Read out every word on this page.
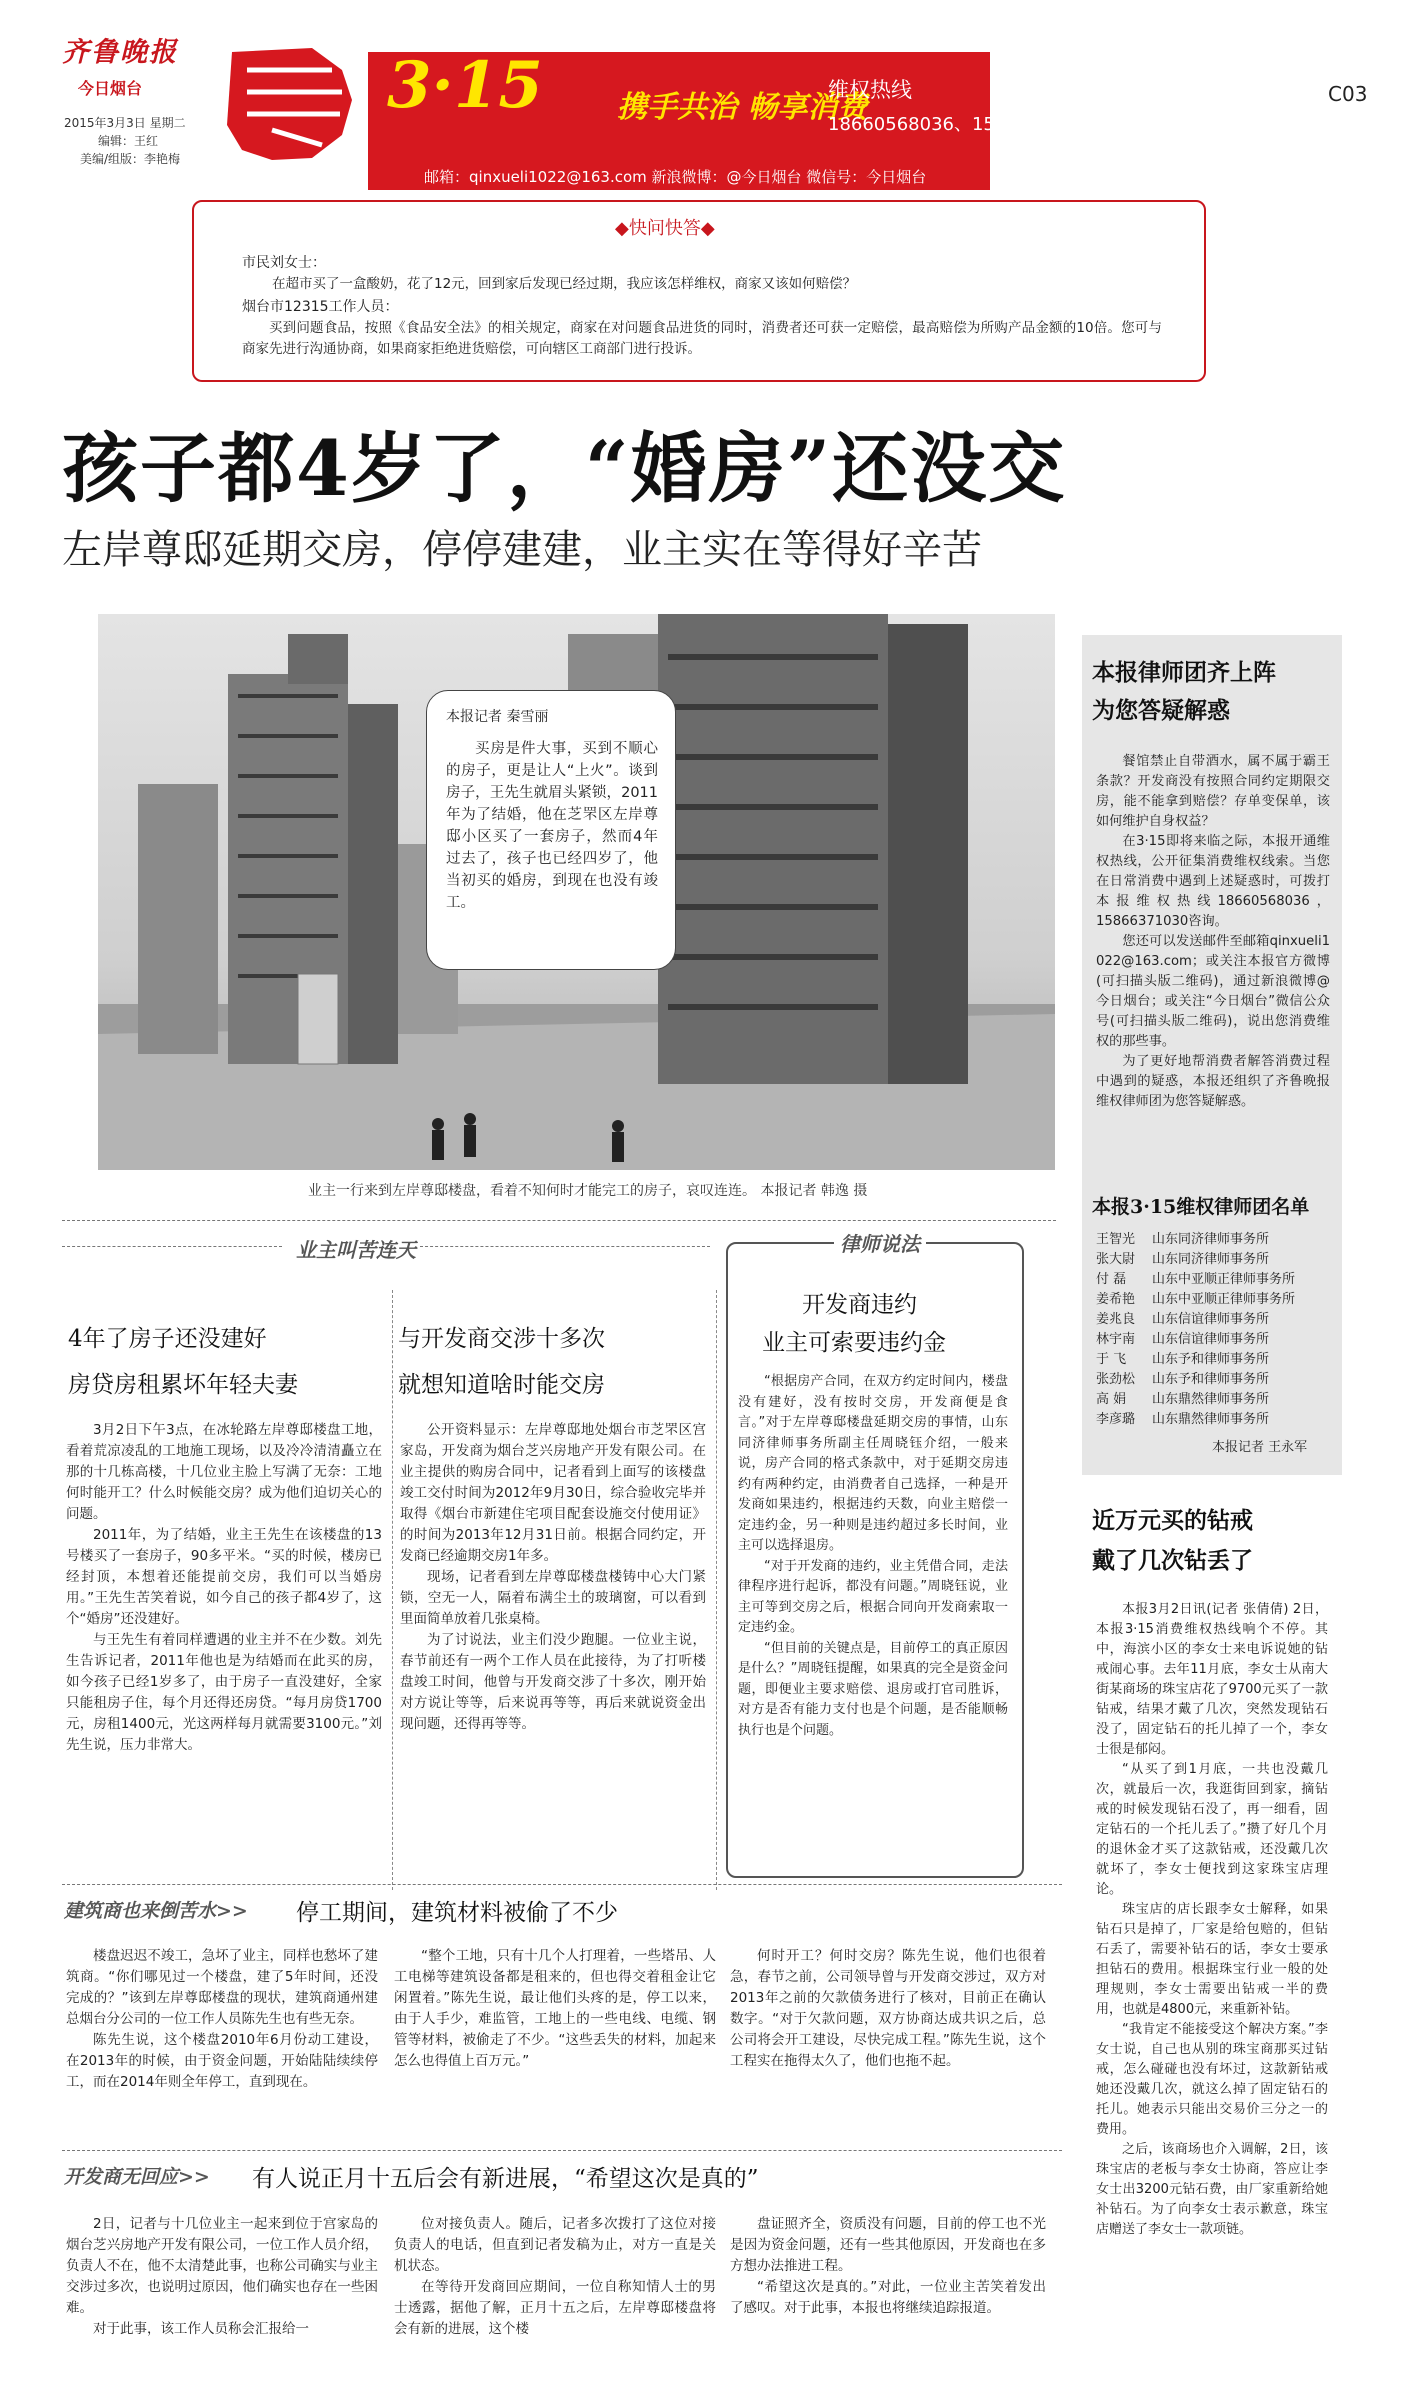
齐鲁晚报
今日烟台
2015年3月3日 星期二
编辑：王红
美编/组版：李艳梅
C03
3·15 携手共治 畅享消费
维权热线
18660568036、15866371030
邮箱：qinxueli1022@163.com 新浪微博：@今日烟台 微信号：今日烟台
◆快问快答◆
市民刘女士：
在超市买了一盒酸奶，花了12元，回到家后发现已经过期，我应该怎样维权，商家又该如何赔偿？
烟台市12315工作人员：
买到问题食品，按照《食品安全法》的相关规定，商家在对问题食品进货的同时，消费者还可获一定赔偿，最高赔偿为所购产品金额的10倍。您可与商家先进行沟通协商，如果商家拒绝进货赔偿，可向辖区工商部门进行投诉。
孩子都4岁了，“婚房”还没交
左岸尊邸延期交房，停停建建，业主实在等得好辛苦
本报记者 秦雪丽
买房是件大事，买到不顺心的房子，更是让人“上火”。谈到房子，王先生就眉头紧锁，2011年为了结婚，他在芝罘区左岸尊邸小区买了一套房子，然而4年过去了，孩子也已经四岁了，他当初买的婚房，到现在也没有竣工。
业主一行来到左岸尊邸楼盘，看着不知何时才能完工的房子，哀叹连连。 本报记者 韩逸 摄
本报律师团齐上阵
为您答疑解惑

餐馆禁止自带酒水，属不属于霸王条款？开发商没有按照合同约定期限交房，能不能拿到赔偿？存单变保单，该如何维护自身权益？

在3·15即将来临之际，本报开通维权热线，公开征集消费维权线索。当您在日常消费中遇到上述疑惑时，可拨打本报维权热线18660568036，15866371030咨询。

您还可以发送邮件至邮箱qinxueli1022@163.com；或关注本报官方微博(可扫描头版二维码)，通过新浪微博@今日烟台；或关注“今日烟台”微信公众号(可扫描头版二维码)，说出您消费维权的那些事。

为了更好地帮消费者解答消费过程中遇到的疑惑，本报还组织了齐鲁晚报维权律师团为您答疑解惑。

本报3·15维权律师团名单
王智光 山东同济律师事务所
张大尉 山东同济律师事务所
付 磊 山东中亚顺正律师事务所
姜希艳 山东中亚顺正律师事务所
姜兆良 山东信谊律师事务所
林宇南 山东信谊律师事务所
于 飞 山东予和律师事务所
张劲松 山东予和律师事务所
高 娟 山东鼎然律师事务所
李彦璐 山东鼎然律师事务所
本报记者 王永军
近万元买的钻戒
戴了几次钻丢了

本报3月2日讯(记者 张倩倩) 2日，本报3·15消费维权热线响个不停。其中，海滨小区的李女士来电诉说她的钻戒闹心事。去年11月底，李女士从南大街某商场的珠宝店花了9700元买了一款钻戒，结果才戴了几次，突然发现钻石没了，固定钻石的托儿掉了一个，李女士很是郁闷。

“从买了到1月底，一共也没戴几次，就最后一次，我逛街回到家，摘钻戒的时候发现钻石没了，再一细看，固定钻石的一个托儿丢了。”攒了好几个月的退休金才买了这款钻戒，还没戴几次就坏了，李女士便找到这家珠宝店理论。

珠宝店的店长跟李女士解释，如果钻石只是掉了，厂家是给包赔的，但钻石丢了，需要补钻石的话，李女士要承担钻石的费用。根据珠宝行业一般的处理规则，李女士需要出钻戒一半的费用，也就是4800元，来重新补钻。

“我肯定不能接受这个解决方案。”李女士说，自己也从别的珠宝商那买过钻戒，怎么碰碰也没有坏过，这款新钻戒她还没戴几次，就这么掉了固定钻石的托儿。她表示只能出交易价三分之一的费用。

之后，该商场也介入调解，2日，该珠宝店的老板与李女士协商，答应让李女士出3200元钻石费，由厂家重新给她补钻石。为了向李女士表示歉意，珠宝店赠送了李女士一款项链。

业主叫苦连天	律师说法
4年了房子还没建好
房贷房租累坏年轻夫妻

3月2日下午3点，在冰轮路左岸尊邸楼盘工地，看着荒凉凌乱的工地施工现场，以及冷冷清清矗立在那的十几栋高楼，十几位业主脸上写满了无奈：工地何时能开工？什么时候能交房？成为他们迫切关心的问题。

2011年，为了结婚，业主王先生在该楼盘的13号楼买了一套房子，90多平米。“买的时候，楼房已经封顶，本想着还能提前交房，我们可以当婚房用。”王先生苦笑着说，如今自己的孩子都4岁了，这个“婚房”还没建好。

与王先生有着同样遭遇的业主并不在少数。刘先生告诉记者，2011年他也是为结婚而在此买的房，如今孩子已经1岁多了，由于房子一直没建好，全家只能租房子住，每个月还得还房贷。“每月房贷1700元，房租1400元，光这两样每月就需要3100元。”刘先生说，压力非常大。

与开发商交涉十多次
就想知道啥时能交房

公开资料显示：左岸尊邸地处烟台市芝罘区宫家岛，开发商为烟台芝兴房地产开发有限公司。在业主提供的购房合同中，记者看到上面写的该楼盘竣工交付时间为2012年9月30日，综合验收完毕并取得《烟台市新建住宅项目配套设施交付使用证》的时间为2013年12月31日前。根据合同约定，开发商已经逾期交房1年多。

现场，记者看到左岸尊邸楼盘楼铸中心大门紧锁，空无一人，隔着布满尘土的玻璃窗，可以看到里面简单放着几张桌椅。

为了讨说法，业主们没少跑腿。一位业主说，春节前还有一两个工作人员在此接待，为了打听楼盘竣工时间，他曾与开发商交涉了十多次，刚开始对方说让等等，后来说再等等，再后来就说资金出现问题，还得再等等。

开发商违约
业主可索要违约金

“根据房产合同，在双方约定时间内，楼盘没有建好，没有按时交房，开发商便是食言。”对于左岸尊邸楼盘延期交房的事情，山东同济律师事务所副主任周晓钰介绍，一般来说，房产合同的格式条款中，对于延期交房违约有两种约定，由消费者自己选择，一种是开发商如果违约，根据违约天数，向业主赔偿一定违约金，另一种则是违约超过多长时间，业主可以选择退房。

“对于开发商的违约，业主凭借合同，走法律程序进行起诉，都没有问题。”周晓钰说，业主可等到交房之后，根据合同向开发商索取一定违约金。

“但目前的关键点是，目前停工的真正原因是什么？”周晓钰提醒，如果真的完全是资金问题，即便业主要求赔偿、退房或打官司胜诉，对方是否有能力支付也是个问题，是否能顺畅执行也是个问题。

建筑商也来倒苦水>> 停工期间，建筑材料被偷了不少

楼盘迟迟不竣工，急坏了业主，同样也愁坏了建筑商。“你们哪见过一个楼盘，建了5年时间，还没完成的？”该到左岸尊邸楼盘的现状，建筑商通州建总烟台分公司的一位工作人员陈先生也有些无奈。

陈先生说，这个楼盘2010年6月份动工建设，在2013年的时候，由于资金问题，开始陆陆续续停工，而在2014年则全年停工，直到现在。

“整个工地，只有十几个人打理着，一些塔吊、人工电梯等建筑设备都是租来的，但也得交着租金让它闲置着。”陈先生说，最让他们头疼的是，停工以来，由于人手少，难监管，工地上的一些电线、电缆、钢管等材料，被偷走了不少。“这些丢失的材料，加起来怎么也得值上百万元。”

何时开工？何时交房？陈先生说，他们也很着急，春节之前，公司领导曾与开发商交涉过，双方对2013年之前的欠款债务进行了核对，目前正在确认数字。“对于欠款问题，双方协商达成共识之后，总公司将会开工建设，尽快完成工程。”陈先生说，这个工程实在拖得太久了，他们也拖不起。

开发商无回应>> 有人说正月十五后会有新进展，“希望这次是真的”

2日，记者与十几位业主一起来到位于宫家岛的烟台芝兴房地产开发有限公司，一位工作人员介绍，负责人不在，他不太清楚此事，也称公司确实与业主交涉过多次，也说明过原因，他们确实也存在一些困难。

对于此事，该工作人员称会汇报给一

位对接负责人。随后，记者多次拨打了这位对接负责人的电话，但直到记者发稿为止，对方一直是关机状态。

在等待开发商回应期间，一位自称知情人士的男士透露，据他了解，正月十五之后，左岸尊邸楼盘将会有新的进展，这个楼

盘证照齐全，资质没有问题，目前的停工也不光是因为资金问题，还有一些其他原因，开发商也在多方想办法推进工程。

“希望这次是真的。”对此，一位业主苦笑着发出了感叹。对于此事，本报也将继续追踪报道。
